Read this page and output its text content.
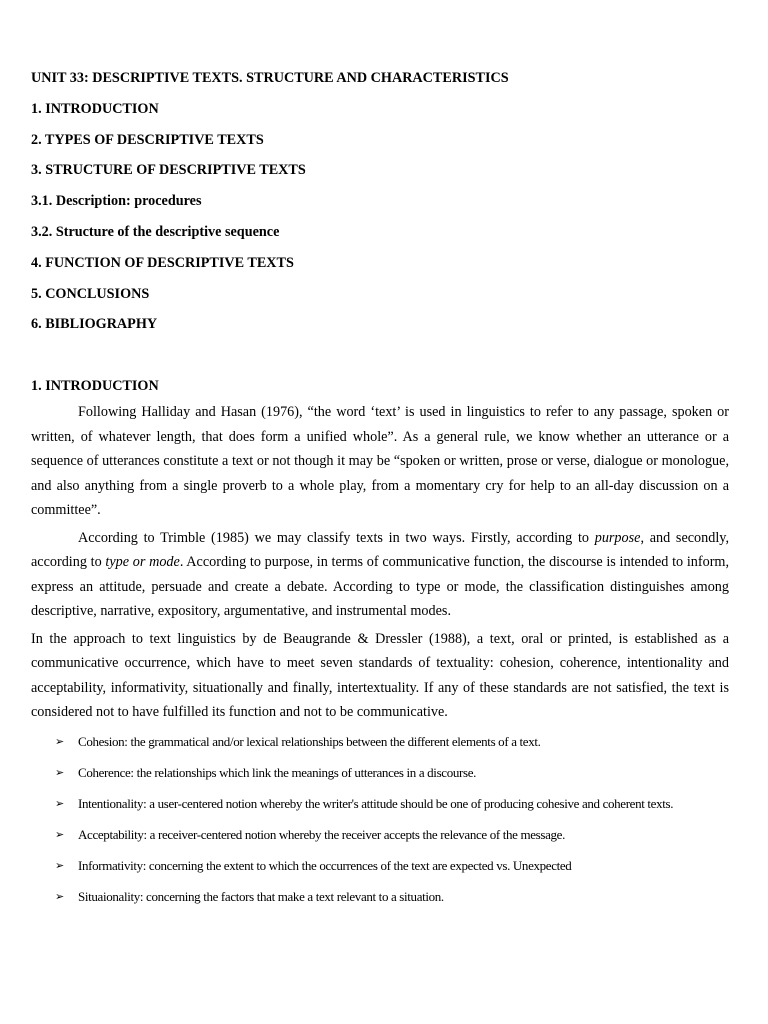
UNIT 33: DESCRIPTIVE TEXTS. STRUCTURE AND CHARACTERISTICS
1. INTRODUCTION
2. TYPES OF DESCRIPTIVE TEXTS
3. STRUCTURE OF DESCRIPTIVE TEXTS
3.1. Description: procedures
3.2. Structure of the descriptive sequence
4. FUNCTION OF DESCRIPTIVE TEXTS
5. CONCLUSIONS
6. BIBLIOGRAPHY
1. INTRODUCTION

Following Halliday and Hasan (1976), “the word ‘text’ is used in linguistics to refer to any passage, spoken or written, of whatever length, that does form a unified whole”. As a general rule, we know whether an utterance or a sequence of utterances constitute a text or not though it may be “spoken or written, prose or verse, dialogue or monologue, and also anything from a single proverb to a whole play, from a momentary cry for help to an all-day discussion on a committee”.

According to Trimble (1985) we may classify texts in two ways. Firstly, according to purpose, and secondly, according to type or mode. According to purpose, in terms of communicative function, the discourse is intended to inform, express an attitude, persuade and create a debate. According to type or mode, the classification distinguishes among descriptive, narrative, expository, argumentative, and instrumental modes.

In the approach to text linguistics by de Beaugrande & Dressler (1988), a text, oral or printed, is established as a communicative occurrence, which have to meet seven standards of textuality: cohesion, coherence, intentionality and acceptability, informativity, situationally and finally, intertextuality. If any of these standards are not satisfied, the text is considered not to have fulfilled its function and not to be communicative.

➢ Cohesion: the grammatical and/or lexical relationships between the different elements of a text.
➢ Coherence: the relationships which link the meanings of utterances in a discourse.
➢ Intentionality: a user-centered notion whereby the writer's attitude should be one of producing cohesive and coherent texts.
➢ Acceptability: a receiver-centered notion whereby the receiver accepts the relevance of the message.
➢ Informativity: concerning the extent to which the occurrences of the text are expected vs. Unexpected
➢ Situaionality: concerning the factors that make a text relevant to a situation.
